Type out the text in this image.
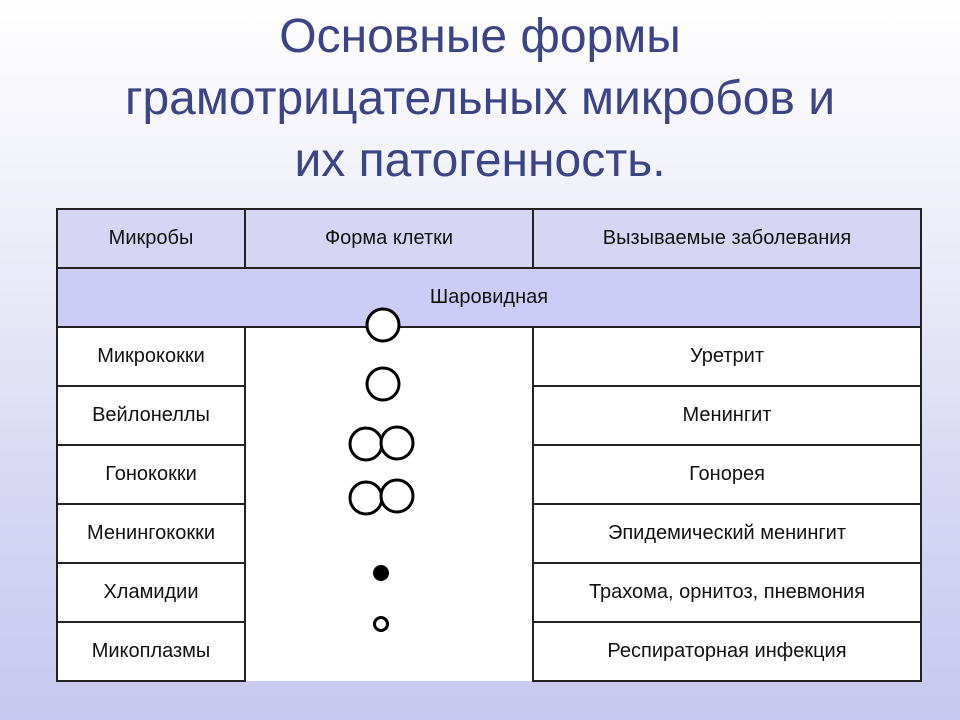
Основные формы
грамотрицательных микробов и
их патогенность.
Микробы	Форма клетки	Вызываемые заболевания
Шаровидная		
Микрококки		Уретрит
Вейлонеллы		Менингит
Гонококки		Гонорея
Менингококки		Эпидемический менингит
Хламидии		Трахома, орнитоз, пневмония
Микоплазмы		Респираторная инфекция
